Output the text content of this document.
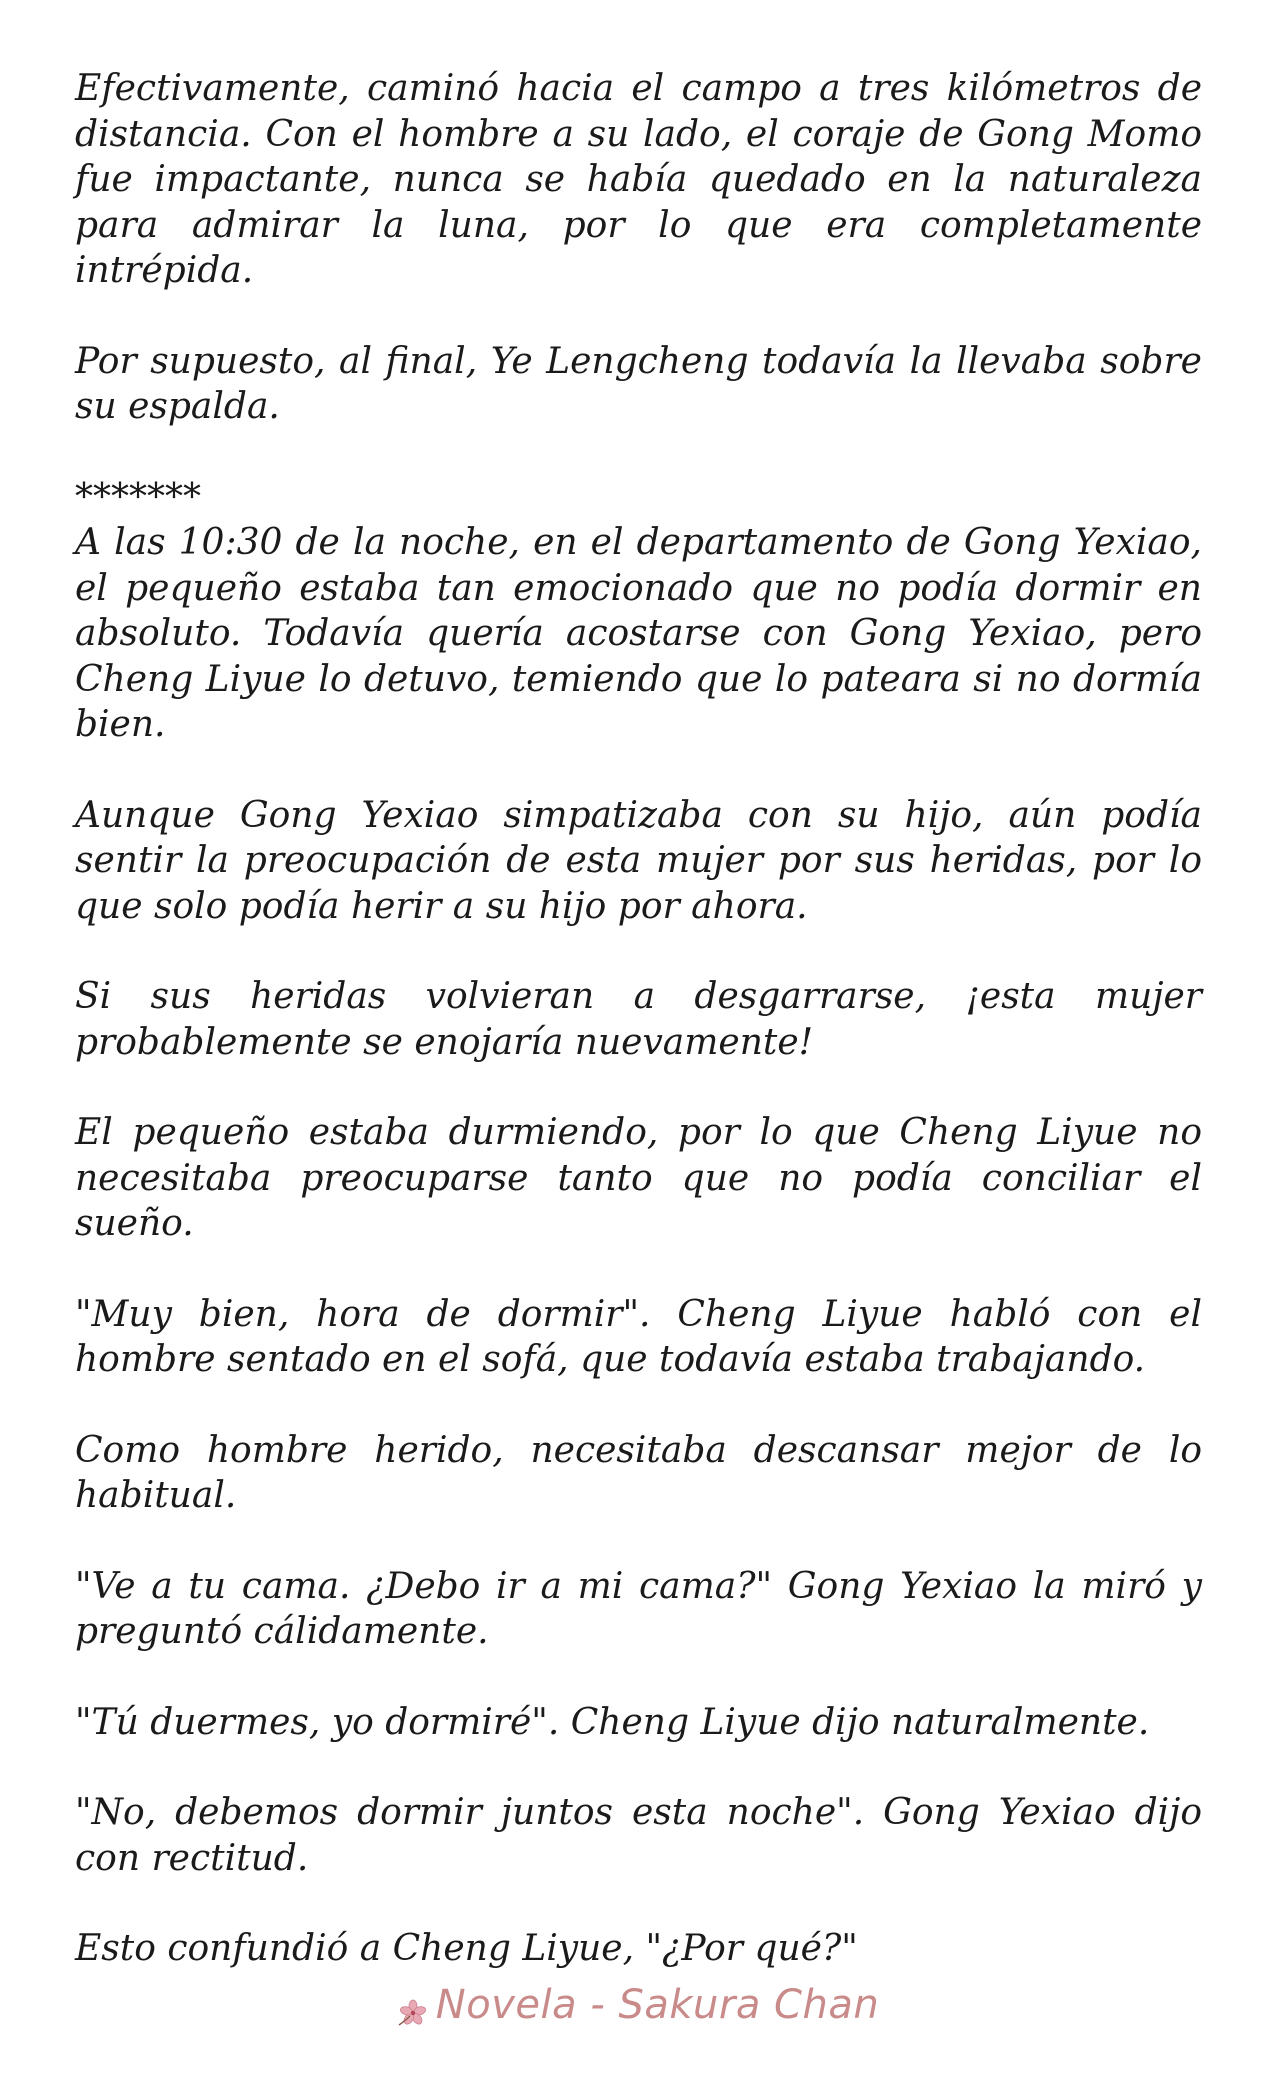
Efectivamente, caminó hacia el campo a tres kilómetros de distancia. Con el hombre a su lado, el coraje de Gong Momo fue impactante, nunca se había quedado en la naturaleza para admirar la luna, por lo que era completamente intrépida.

Por supuesto, al final, Ye Lengcheng todavía la llevaba sobre su espalda.

*******

A las 10:30 de la noche, en el departamento de Gong Yexiao, el pequeño estaba tan emocionado que no podía dormir en absoluto. Todavía quería acostarse con Gong Yexiao, pero Cheng Liyue lo detuvo, temiendo que lo pateara si no dormía bien.

Aunque Gong Yexiao simpatizaba con su hijo, aún podía sentir la preocupación de esta mujer por sus heridas, por lo que solo podía herir a su hijo por ahora.

Si sus heridas volvieran a desgarrarse, ¡esta mujer probablemente se enojaría nuevamente!

El pequeño estaba durmiendo, por lo que Cheng Liyue no necesitaba preocuparse tanto que no podía conciliar el sueño.

"Muy bien, hora de dormir". Cheng Liyue habló con el hombre sentado en el sofá, que todavía estaba trabajando.

Como hombre herido, necesitaba descansar mejor de lo habitual.

"Ve a tu cama. ¿Debo ir a mi cama?" Gong Yexiao la miró y preguntó cálidamente.

"Tú duermes, yo dormiré". Cheng Liyue dijo naturalmente.

"No, debemos dormir juntos esta noche". Gong Yexiao dijo con rectitud.

Esto confundió a Cheng Liyue, "¿Por qué?"

Novela - Sakura Chan
